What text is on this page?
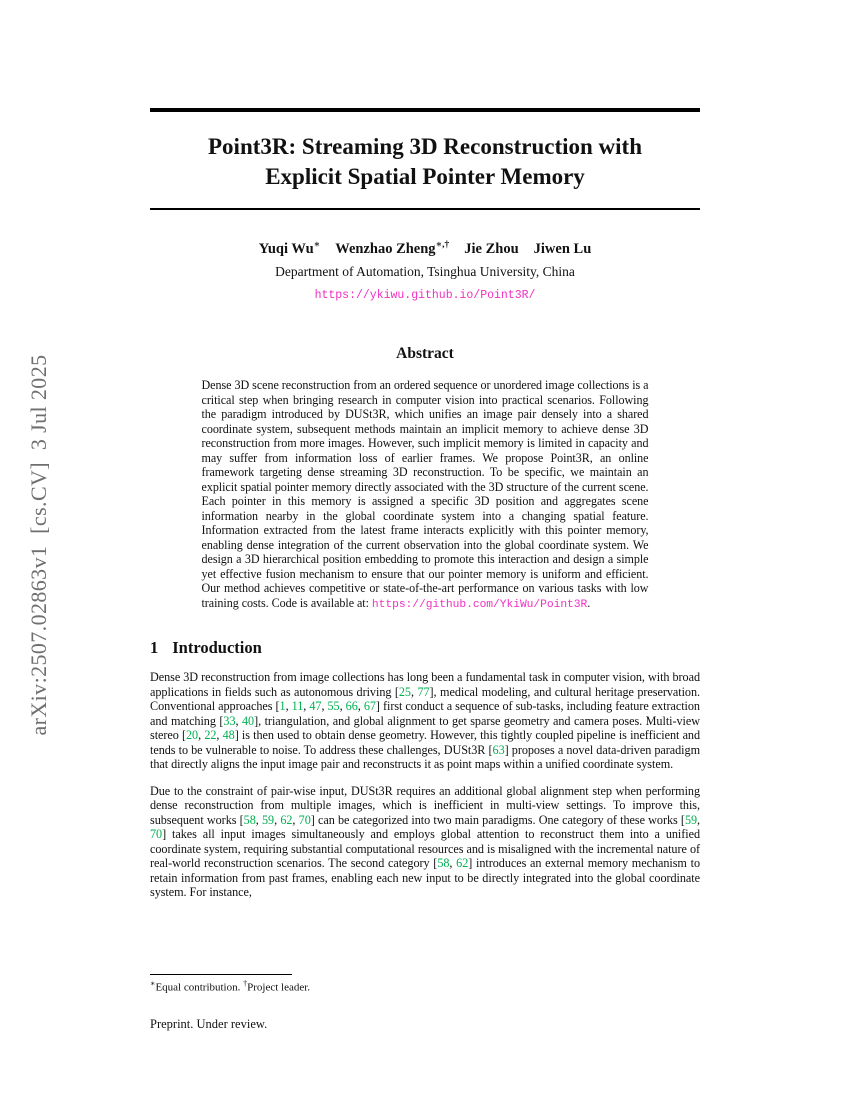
arXiv:2507.02863v1  [cs.CV]  3 Jul 2025
Point3R: Streaming 3D Reconstruction with
Explicit Spatial Pointer Memory
Yuqi Wu∗ Wenzhao Zheng∗,† Jie Zhou Jiwen Lu
Department of Automation, Tsinghua University, China
https://ykiwu.github.io/Point3R/
Abstract
Dense 3D scene reconstruction from an ordered sequence or unordered image collections is a critical step when bringing research in computer vision into practical scenarios. Following the paradigm introduced by DUSt3R, which unifies an image pair densely into a shared coordinate system, subsequent methods maintain an implicit memory to achieve dense 3D reconstruction from more images. However, such implicit memory is limited in capacity and may suffer from information loss of earlier frames. We propose Point3R, an online framework targeting dense streaming 3D reconstruction. To be specific, we maintain an explicit spatial pointer memory directly associated with the 3D structure of the current scene. Each pointer in this memory is assigned a specific 3D position and aggregates scene information nearby in the global coordinate system into a changing spatial feature. Information extracted from the latest frame interacts explicitly with this pointer memory, enabling dense integration of the current observation into the global coordinate system. We design a 3D hierarchical position embedding to promote this interaction and design a simple yet effective fusion mechanism to ensure that our pointer memory is uniform and efficient. Our method achieves competitive or state-of-the-art performance on various tasks with low training costs. Code is available at: https://github.com/YkiWu/Point3R.
1 Introduction
Dense 3D reconstruction from image collections has long been a fundamental task in computer vision, with broad applications in fields such as autonomous driving [25, 77], medical modeling, and cultural heritage preservation. Conventional approaches [1, 11, 47, 55, 66, 67] first conduct a sequence of sub-tasks, including feature extraction and matching [33, 40], triangulation, and global alignment to get sparse geometry and camera poses. Multi-view stereo [20, 22, 48] is then used to obtain dense geometry. However, this tightly coupled pipeline is inefficient and tends to be vulnerable to noise. To address these challenges, DUSt3R [63] proposes a novel data-driven paradigm that directly aligns the input image pair and reconstructs it as point maps within a unified coordinate system.
Due to the constraint of pair-wise input, DUSt3R requires an additional global alignment step when performing dense reconstruction from multiple images, which is inefficient in multi-view settings. To improve this, subsequent works [58, 59, 62, 70] can be categorized into two main paradigms. One category of these works [59, 70] takes all input images simultaneously and employs global attention to reconstruct them into a unified coordinate system, requiring substantial computational resources and is misaligned with the incremental nature of real-world reconstruction scenarios. The second category [58, 62] introduces an external memory mechanism to retain information from past frames, enabling each new input to be directly integrated into the global coordinate system. For instance,
∗Equal contribution. †Project leader.
Preprint. Under review.
